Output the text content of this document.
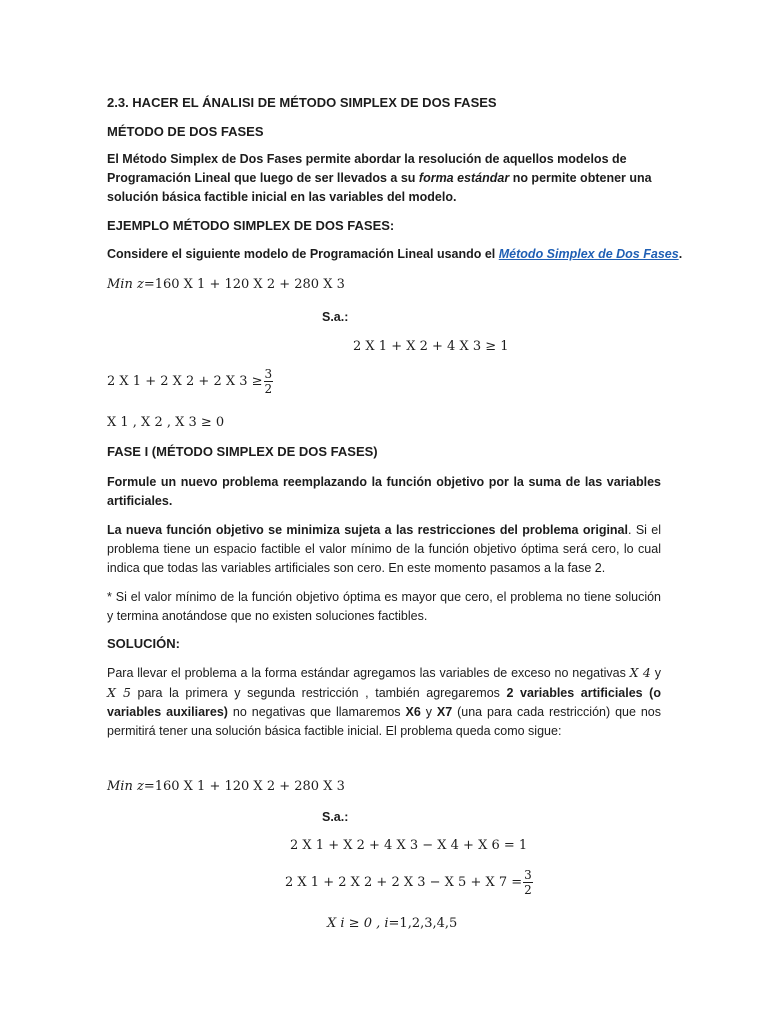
2.3. HACER EL ÁNALISI DE MÉTODO SIMPLEX DE DOS FASES

MÉTODO DE DOS FASES

El Método Simplex de Dos Fases permite abordar la resolución de aquellos modelos de Programación Lineal que luego de ser llevados a su forma estándar no permite obtener una solución básica factible inicial en las variables del modelo.

EJEMPLO MÉTODO SIMPLEX DE DOS FASES:

Considere el siguiente modelo de Programación Lineal usando el Método Simplex de Dos Fases.

Min z=160 X 1 + 120 X 2 + 280 X 3
S.a.:
2 X 1 + X 2 + 4 X 3 ≥ 1
2 X 1 + 2 X 2 + 2 X $3 \ge \frac{3}{2}$
X 1 , X 2 , X 3 ≥ 0

FASE I (MÉTODO SIMPLEX DE DOS FASES)

Formule un nuevo problema reemplazando la función objetivo por la suma de las variables artificiales.

La nueva función objetivo se minimiza sujeta a las restricciones del problema original. Si el problema tiene un espacio factible el valor mínimo de la función objetivo óptima será cero, lo cual indica que todas las variables artificiales son cero. En este momento pasamos a la fase 2.

* Si el valor mínimo de la función objetivo óptima es mayor que cero, el problema no tiene solución y termina anotándose que no existen soluciones factibles.

SOLUCIÓN:

Para llevar el problema a la forma estándar agregamos las variables de exceso no negativas X 4 y X 5 para la primera y segunda restricción , también agregaremos 2 variables artificiales (o variables auxiliares) no negativas que llamaremos X6 y X7 (una para cada restricción) que nos permitirá tener una solución básica factible inicial. El problema queda como sigue:

Min z=160 X 1 + 120 X 2 + 280 X 3
S.a.:
2 X 1 + X 2 + 4 X 3 − X 4 + X 6 = 1
2 X 1 + 2 X 2 + 2 X 3 − X 5 + X $7 = \frac{3}{2}$
X i ≥ 0 , i=1,2,3,4,5
